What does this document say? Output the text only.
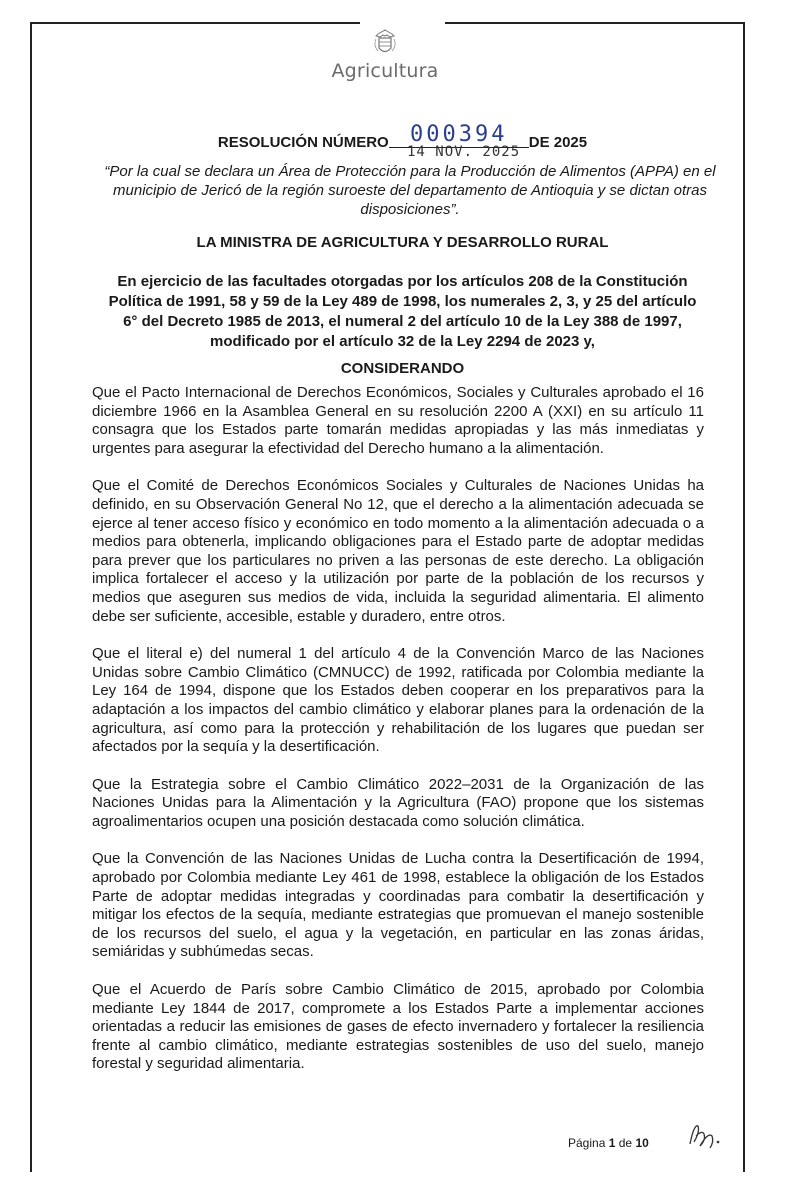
Agricultura
RESOLUCIÓN NÚMERO 000394 DE 2025
14 NOV. 2025
“Por la cual se declara un Área de Protección para la Producción de Alimentos (APPA) en el municipio de Jericó de la región suroeste del departamento de Antioquia y se dictan otras disposiciones”.
LA MINISTRA DE AGRICULTURA Y DESARROLLO RURAL
En ejercicio de las facultades otorgadas por los artículos 208 de la Constitución Política de 1991, 58 y 59 de la Ley 489 de 1998, los numerales 2, 3, y 25 del artículo 6° del Decreto 1985 de 2013, el numeral 2 del artículo 10 de la Ley 388 de 1997, modificado por el artículo 32 de la Ley 2294 de 2023 y,
CONSIDERANDO

Que el Pacto Internacional de Derechos Económicos, Sociales y Culturales aprobado el 16 diciembre 1966 en la Asamblea General en su resolución 2200 A (XXI) en su artículo 11 consagra que los Estados parte tomarán medidas apropiadas y las más inmediatas y urgentes para asegurar la efectividad del Derecho humano a la alimentación.

Que el Comité de Derechos Económicos Sociales y Culturales de Naciones Unidas ha definido, en su Observación General No 12, que el derecho a la alimentación adecuada se ejerce al tener acceso físico y económico en todo momento a la alimentación adecuada o a medios para obtenerla, implicando obligaciones para el Estado parte de adoptar medidas para prever que los particulares no priven a las personas de este derecho. La obligación implica fortalecer el acceso y la utilización por parte de la población de los recursos y medios que aseguren sus medios de vida, incluida la seguridad alimentaria. El alimento debe ser suficiente, accesible, estable y duradero, entre otros.

Que el literal e) del numeral 1 del artículo 4 de la Convención Marco de las Naciones Unidas sobre Cambio Climático (CMNUCC) de 1992, ratificada por Colombia mediante la Ley 164 de 1994, dispone que los Estados deben cooperar en los preparativos para la adaptación a los impactos del cambio climático y elaborar planes para la ordenación de la agricultura, así como para la protección y rehabilitación de los lugares que puedan ser afectados por la sequía y la desertificación.

Que la Estrategia sobre el Cambio Climático 2022–2031 de la Organización de las Naciones Unidas para la Alimentación y la Agricultura (FAO) propone que los sistemas agroalimentarios ocupen una posición destacada como solución climática.

Que la Convención de las Naciones Unidas de Lucha contra la Desertificación de 1994, aprobado por Colombia mediante Ley 461 de 1998, establece la obligación de los Estados Parte de adoptar medidas integradas y coordinadas para combatir la desertificación y mitigar los efectos de la sequía, mediante estrategias que promuevan el manejo sostenible de los recursos del suelo, el agua y la vegetación, en particular en las zonas áridas, semiáridas y subhúmedas secas.

Que el Acuerdo de París sobre Cambio Climático de 2015, aprobado por Colombia mediante Ley 1844 de 2017, compromete a los Estados Parte a implementar acciones orientadas a reducir las emisiones de gases de efecto invernadero y fortalecer la resiliencia frente al cambio climático, mediante estrategias sostenibles de uso del suelo, manejo forestal y seguridad alimentaria.

Página 1 de 10
